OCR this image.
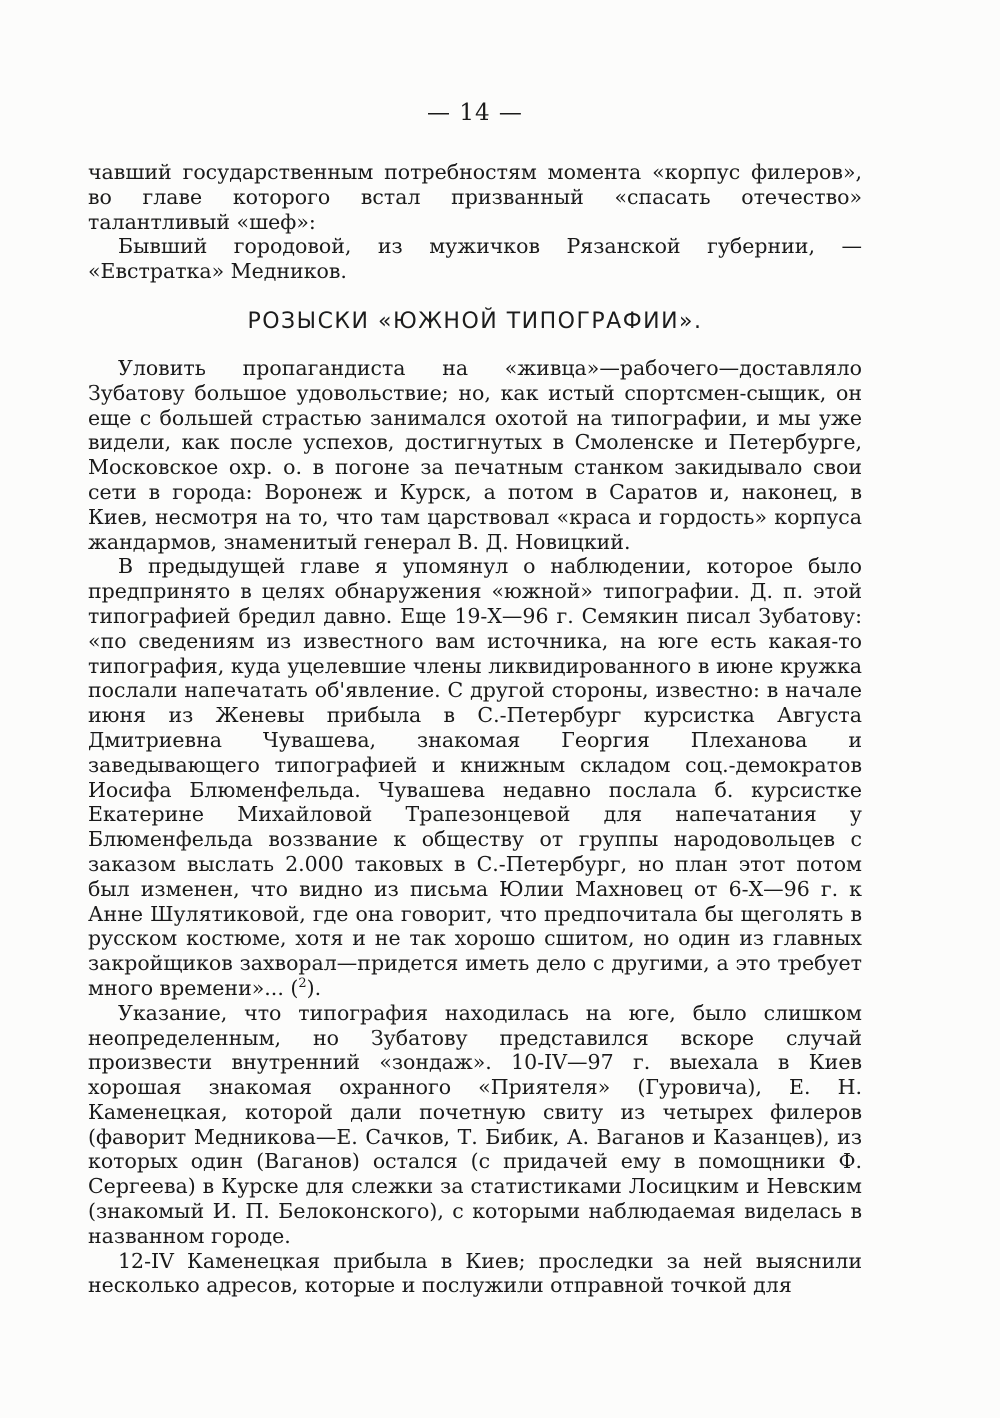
— 14 —

чавший государственным потребностям момента «корпус филеров», во главе которого встал призванный «спасать отечество» талантливый «шеф»:

Бывший городовой, из мужичков Рязанской губернии, — «Евстратка» Медников.

РОЗЫСКИ «ЮЖНОЙ ТИПОГРАФИИ».

Уловить пропагандиста на «живца»—рабочего—доставляло Зубатову большое удовольствие; но, как истый спортсмен-сыщик, он еще с большей страстью занимался охотой на типографии, и мы уже видели, как после успехов, достигнутых в Смоленске и Петербурге, Московское охр. о. в погоне за печатным станком закидывало свои сети в города: Воронеж и Курск, а потом в Саратов и, наконец, в Киев, несмотря на то, что там царствовал «краса и гордость» корпуса жандармов, знаменитый генерал В. Д. Новицкий.

В предыдущей главе я упомянул о наблюдении, которое было предпринято в целях обнаружения «южной» типографии. Д. п. этой типографией бредил давно. Еще 19-Х—96 г. Семякин писал Зубатову: «по сведениям из известного вам источника, на юге есть какая-то типография, куда уцелевшие члены ликвидированного в июне кружка послали напечатать об'явление. С другой стороны, известно: в начале июня из Женевы прибыла в С.-Петербург курсистка Августа Дмитриевна Чувашева, знакомая Георгия Плеханова и заведывающего типографией и книжным складом соц.-демократов Иосифа Блюменфельда. Чувашева недавно послала б. курсистке Екатерине Михайловой Трапезонцевой для напечатания у Блюменфельда воззвание к обществу от группы народовольцев с заказом выслать 2.000 таковых в С.-Петербург, но план этот потом был изменен, что видно из письма Юлии Махновец от 6-Х—96 г. к Анне Шулятиковой, где она говорит, что предпочитала бы щеголять в русском костюме, хотя и не так хорошо сшитом, но один из главных закройщиков захворал—придется иметь дело с другими, а это требует много времени»... ($^2$).

Указание, что типография находилась на юге, было слишком неопределенным, но Зубатову представился вскоре случай произвести внутренний «зондаж». 10-IV—97 г. выехала в Киев хорошая знакомая охранного «Приятеля» (Гуровича), Е. Н. Каменецкая, которой дали почетную свиту из четырех филеров (фаворит Медникова—Е. Сачков, Т. Бибик, А. Ваганов и Казанцев), из которых один (Ваганов) остался (с придачей ему в помощники Ф. Сергеева) в Курске для слежки за статистиками Лосицким и Невским (знакомый И. П. Белоконского), с которыми наблюдаемая виделась в названном городе.

12-IV Каменецкая прибыла в Киев; проследки за ней выяснили несколько адресов, которые и послужили отправной точкой для
